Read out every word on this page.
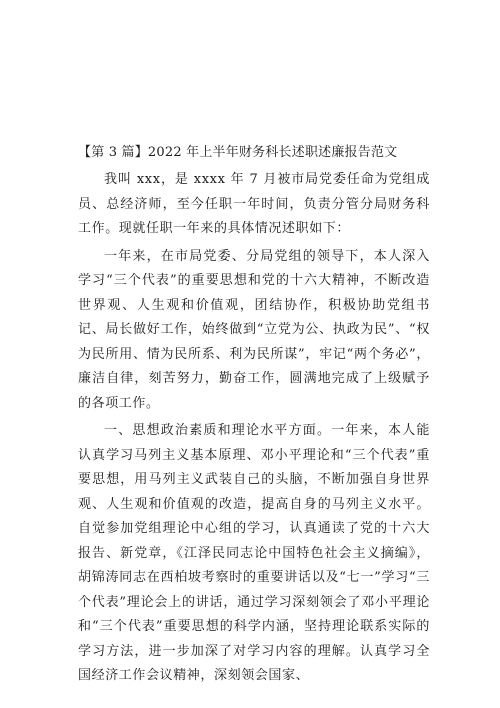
【第 3 篇】2022 年上半年财务科长述职述廉报告范文

我叫 xxx，是 xxxx 年 7 月被市局党委任命为党组成员、总经济师，至今任职一年时间，负责分管分局财务科工作。现就任职一年来的具体情况述职如下：

一年来，在市局党委、分局党组的领导下，本人深入学习“三个代表”的重要思想和党的十六大精神，不断改造世界观、人生观和价值观，团结协作，积极协助党组书记、局长做好工作，始终做到“立党为公、执政为民”、“权为民所用、情为民所系、利为民所谋”，牢记“两个务必”，廉洁自律，刻苦努力，勤奋工作，圆满地完成了上级赋予的各项工作。

一、思想政治素质和理论水平方面。一年来，本人能认真学习马列主义基本原理、邓小平理论和“三个代表”重要思想，用马列主义武装自己的头脑，不断加强自身世界观、人生观和价值观的改造，提高自身的马列主义水平。自觉参加党组理论中心组的学习，认真通读了党的十六大报告、新党章，《江泽民同志论中国特色社会主义摘编》，胡锦涛同志在西柏坡考察时的重要讲话以及“七一”学习“三个代表”理论会上的讲话，通过学习深刻领会了邓小平理论和“三个代表”重要思想的科学内涵，坚持理论联系实际的学习方法，进一步加深了对学习内容的理解。认真学习全国经济工作会议精神，深刻领会国家、
